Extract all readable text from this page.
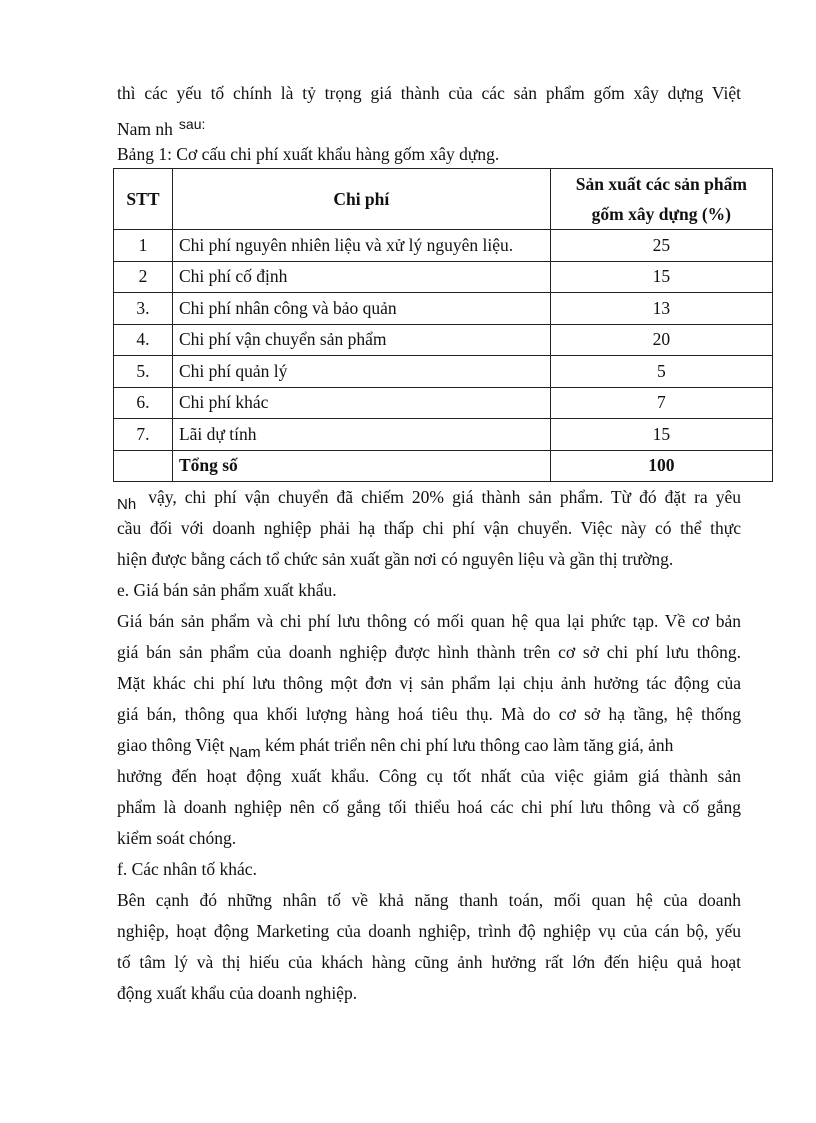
thì các yếu tố chính là tỷ trọng giá thành của các sản phẩm gốm xây dựng Việt
Nam nh $^{sau:}$
Bảng 1: Cơ cấu chi phí xuất khẩu hàng gốm xây dựng.
STT	Chi phí	Sản xuất các sản phẩm
gốm xây dựng (%)

1	Chi phí nguyên nhiên liệu và xử lý nguyên liệu.	25
2	Chi phí cố định	15
3.	Chi phí nhân công và bảo quản	13
4.	Chi phí vận chuyển sản phẩm	20
5.	Chi phí quản lý	5
6.	Chi phí khác	7
7.	Lãi dự tính	15
	Tổng số	100
Nh vậy, chi phí vận chuyển đã chiếm 20% giá thành sản phẩm. Từ đó đặt ra yêu
cầu đối với doanh nghiệp phải hạ thấp chi phí vận chuyển. Việc này có thể thực
hiện được bằng cách tổ chức sản xuất gần nơi có nguyên liệu và gần thị trường.
e. Giá bán sản phẩm xuất khẩu.
Giá bán sản phẩm và chi phí lưu thông có mối quan hệ qua lại phức tạp. Về cơ bản
giá bán sản phẩm của doanh nghiệp được hình thành trên cơ sở chi phí lưu thông.
Mặt khác chi phí lưu thông một đơn vị sản phẩm lại chịu ảnh hưởng tác động của
giá bán, thông qua khối lượng hàng hoá tiêu thụ. Mà do cơ sở hạ tầng, hệ thống
giao thông Việt Nam kém phát triển nên chi phí lưu thông cao làm tăng giá, ảnh
hưởng đến hoạt động xuất khẩu. Công cụ tốt nhất của việc giảm giá thành sản
phẩm là doanh nghiệp nên cố gắng tối thiểu hoá các chi phí lưu thông và cố gắng
kiểm soát chóng.
f. Các nhân tố khác.
Bên cạnh đó những nhân tố về khả năng thanh toán, mối quan hệ của doanh
nghiệp, hoạt động Marketing của doanh nghiệp, trình độ nghiệp vụ của cán bộ, yếu
tố tâm lý và thị hiếu của khách hàng cũng ảnh hưởng rất lớn đến hiệu quả hoạt
động xuất khẩu của doanh nghiệp.
